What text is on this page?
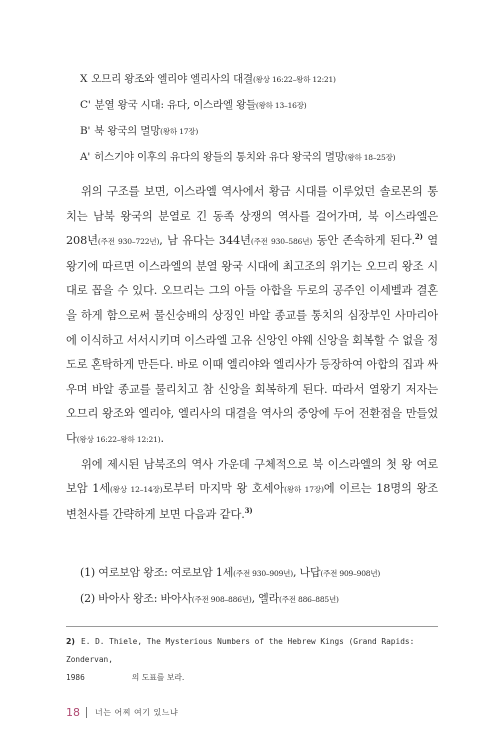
X 오므리 왕조와 엘리야 엘리사의 대결(왕상 16:22–왕하 12:21)
C' 분열 왕국 시대: 유다, 이스라엘 왕들(왕하 13–16장)
B' 북 왕국의 멸망(왕하 17장)
A' 히스기야 이후의 유다의 왕들의 통치와 유다 왕국의 멸망(왕하 18–25장)

위의 구조를 보면, 이스라엘 역사에서 황금 시대를 이루었던 솔로몬의 통치는 남북 왕국의 분열로 긴 동족 상쟁의 역사를 걸어가며, 북 이스라엘은 208년(주전 930–722년), 남 유다는 344년(주전 930–586년) 동안 존속하게 된다.$^{2)}$ 열왕기에 따르면 이스라엘의 분열 왕국 시대에 최고조의 위기는 오므리 왕조 시대로 꼽을 수 있다. 오므리는 그의 아들 아합을 두로의 공주인 이세벨과 결혼을 하게 함으로써 물신숭배의 상징인 바알 종교를 통치의 심장부인 사마리아에 이식하고 서서시키며 이스라엘 고유 신앙인 야웨 신앙을 회복할 수 없을 정도로 혼탁하게 만든다. 바로 이때 엘리야와 엘리사가 등장하여 아합의 집과 싸우며 바알 종교를 물리치고 참 신앙을 회복하게 된다. 따라서 열왕기 저자는 오므리 왕조와 엘리야, 엘리사의 대결을 역사의 중앙에 두어 전환점을 만들었다(왕상 16:22–왕하 12:21).

위에 제시된 남북조의 역사 가운데 구체적으로 북 이스라엘의 첫 왕 여로보암 1세(왕상 12–14장)로부터 마지막 왕 호세아(왕하 17장)에 이르는 18명의 왕조 변천사를 간략하게 보면 다음과 같다.$^{3)}$

(1) 여로보암 왕조: 여로보암 1세(주전 930–909년), 나답(주전 909–908년)
(2) 바아사 왕조: 바아사(주전 908–886년), 엘라(주전 886–885년)
2) E. D. Thiele, The Mysterious Numbers of the Hebrew Kings (Grand Rapids: Zondervan,
1986	의 도표를 보라.
18 너는 어찌 여기 있느냐
